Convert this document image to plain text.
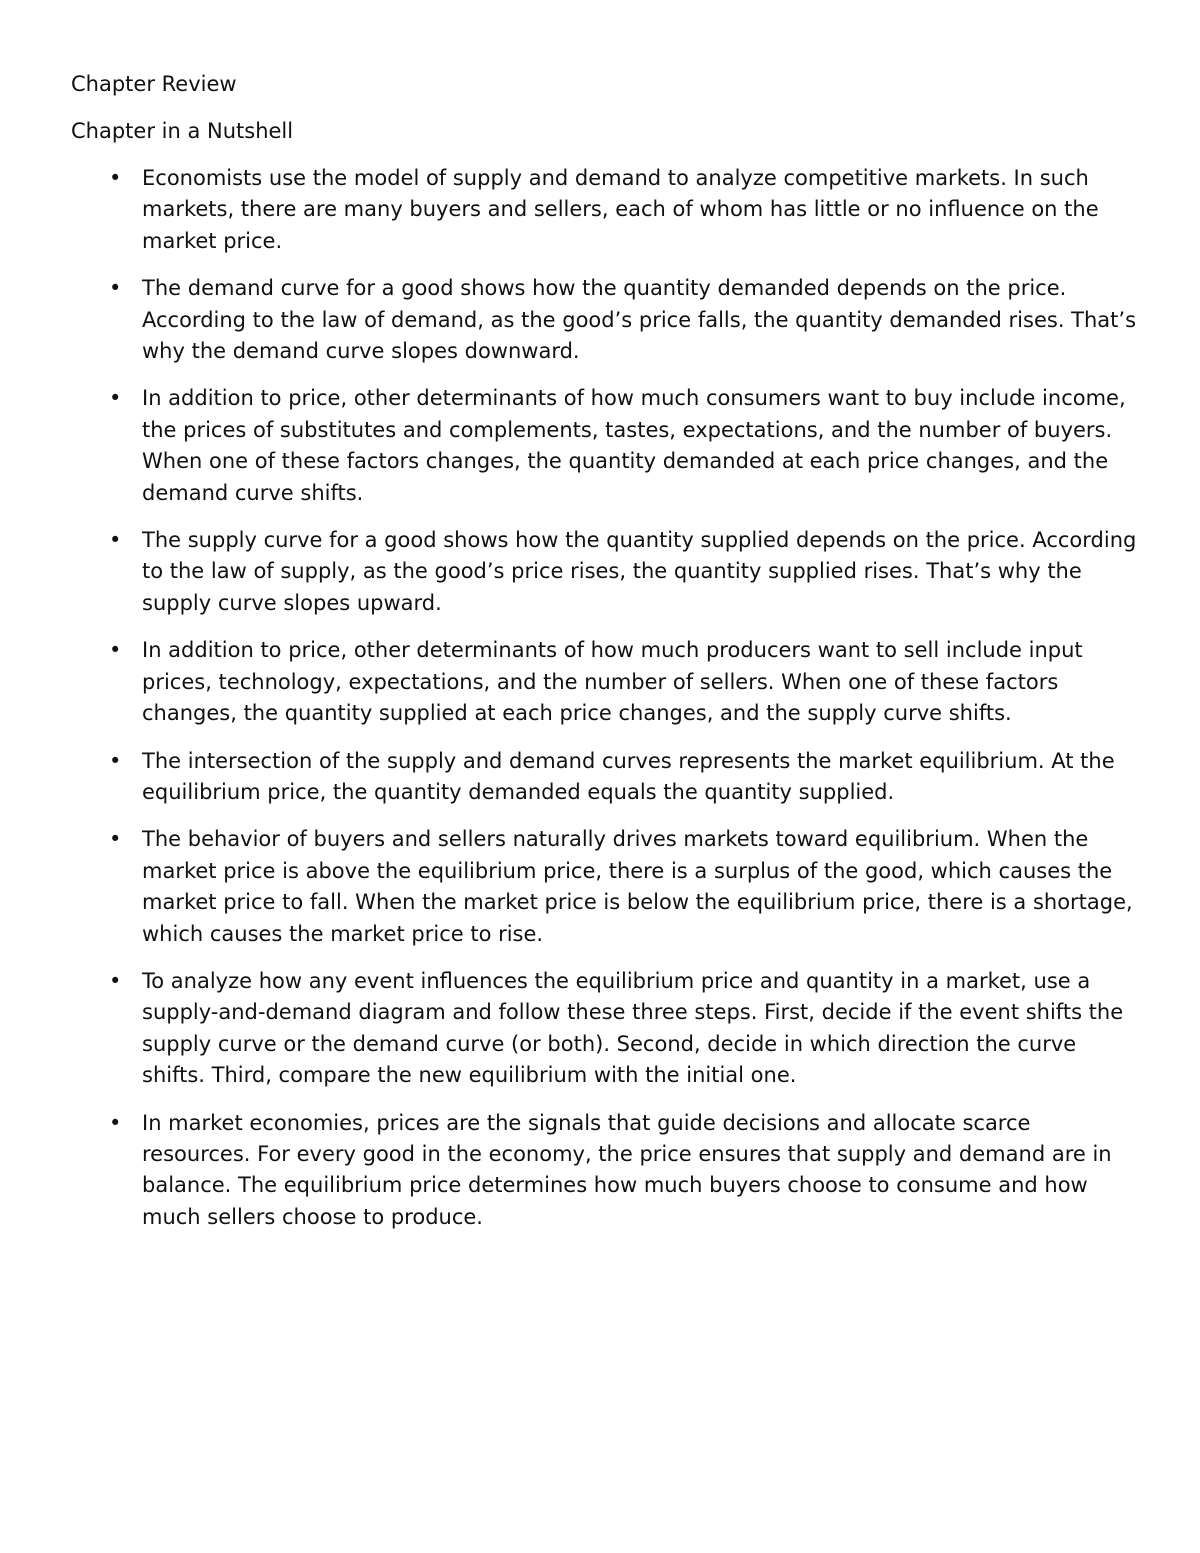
Chapter Review

Chapter in a Nutshell

• Economists use the model of supply and demand to analyze competitive markets. In such markets, there are many buyers and sellers, each of whom has little or no influence on the market price.
• The demand curve for a good shows how the quantity demanded depends on the price. According to the law of demand, as the good’s price falls, the quantity demanded rises. That’s why the demand curve slopes downward.
• In addition to price, other determinants of how much consumers want to buy include income, the prices of substitutes and complements, tastes, expectations, and the number of buyers. When one of these factors changes, the quantity demanded at each price changes, and the demand curve shifts.
• The supply curve for a good shows how the quantity supplied depends on the price. According to the law of supply, as the good’s price rises, the quantity supplied rises. That’s why the supply curve slopes upward.
• In addition to price, other determinants of how much producers want to sell include input prices, technology, expectations, and the number of sellers. When one of these factors changes, the quantity supplied at each price changes, and the supply curve shifts.
• The intersection of the supply and demand curves represents the market equilibrium. At the equilibrium price, the quantity demanded equals the quantity supplied.
• The behavior of buyers and sellers naturally drives markets toward equilibrium. When the market price is above the equilibrium price, there is a surplus of the good, which causes the market price to fall. When the market price is below the equilibrium price, there is a shortage, which causes the market price to rise.
• To analyze how any event influences the equilibrium price and quantity in a market, use a supply-and-demand diagram and follow these three steps. First, decide if the event shifts the supply curve or the demand curve (or both). Second, decide in which direction the curve shifts. Third, compare the new equilibrium with the initial one.
• In market economies, prices are the signals that guide decisions and allocate scarce resources. For every good in the economy, the price ensures that supply and demand are in balance. The equilibrium price determines how much buyers choose to consume and how much sellers choose to produce.
